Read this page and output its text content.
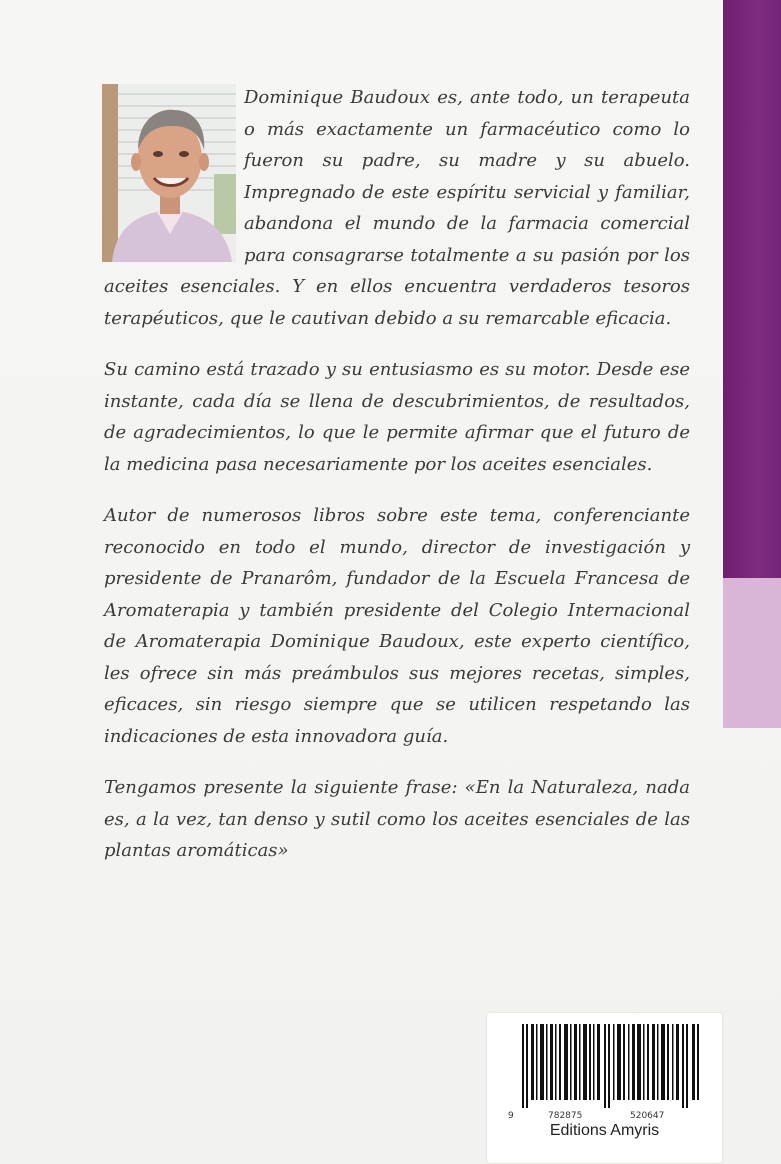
Dominique Baudoux es, ante todo, un terapeuta o más exactamente un farmacéutico como lo fueron su padre, su madre y su abuelo. Impregnado de este espíritu servicial y familiar, abandona el mundo de la farmacia comercial para consagrarse totalmente a su pasión por los aceites esenciales. Y en ellos encuentra verdaderos tesoros terapéuticos, que le cautivan debido a su remarcable eficacia.

Su camino está trazado y su entusiasmo es su motor. Desde ese instante, cada día se llena de descubrimientos, de resultados, de agradecimientos, lo que le permite afirmar que el futuro de la medicina pasa necesariamente por los aceites esenciales.

Autor de numerosos libros sobre este tema, conferenciante reconocido en todo el mundo, director de investigación y presidente de Pranarôm, fundador de la Escuela Francesa de Aromaterapia y también presidente del Colegio Internacional de Aromaterapia Dominique Baudoux, este experto científico, les ofrece sin más preámbulos sus mejores recetas, simples, eficaces, sin riesgo siempre que se utilicen respetando las indicaciones de esta innovadora guía.

Tengamos presente la siguiente frase: «En la Naturaleza, nada es, a la vez, tan denso y sutil como los aceites esenciales de las plantas aromáticas»

9	782875	520647
Editions Amyris
